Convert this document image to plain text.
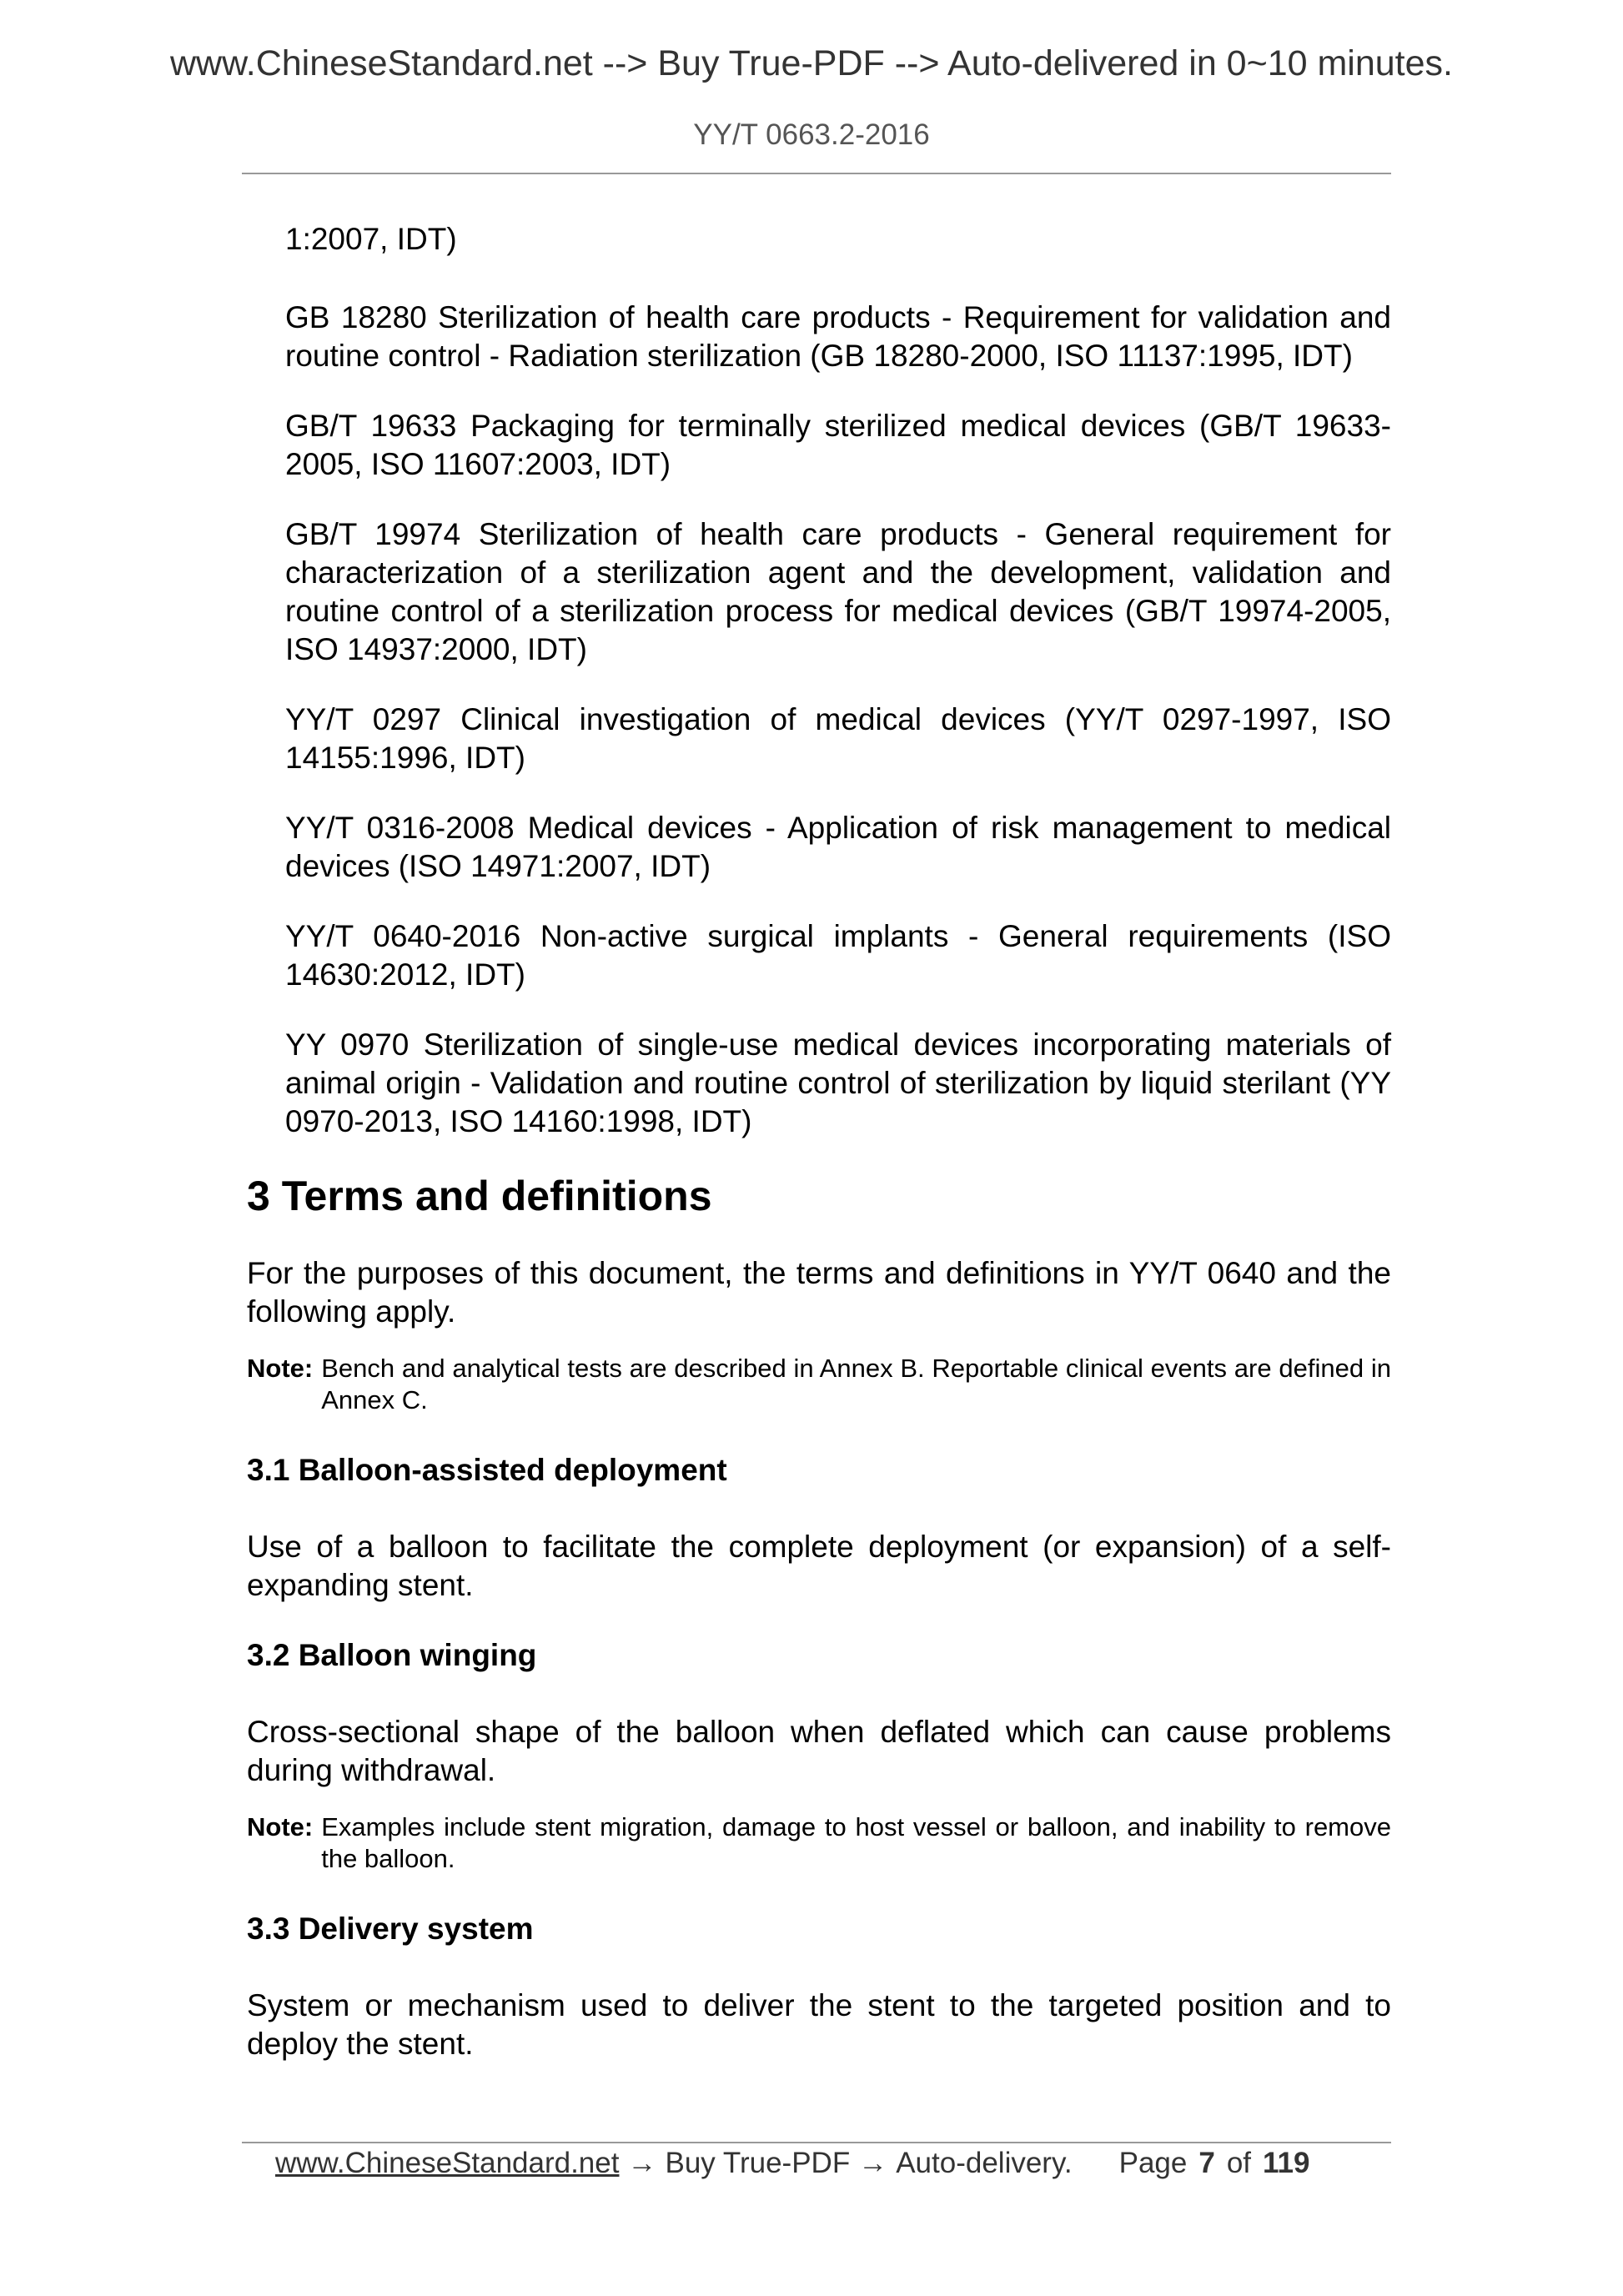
www.ChineseStandard.net --> Buy True-PDF --> Auto-delivered in 0~10 minutes.
YY/T 0663.2-2016

1:2007, IDT)

GB 18280 Sterilization of health care products - Requirement for validation and routine control - Radiation sterilization (GB 18280-2000, ISO 11137:1995, IDT)

GB/T 19633 Packaging for terminally sterilized medical devices (GB/T 19633-2005, ISO 11607:2003, IDT)

GB/T 19974 Sterilization of health care products - General requirement for characterization of a sterilization agent and the development, validation and routine control of a sterilization process for medical devices (GB/T 19974-2005, ISO 14937:2000, IDT)

YY/T 0297 Clinical investigation of medical devices (YY/T 0297-1997, ISO 14155:1996, IDT)

YY/T 0316-2008 Medical devices - Application of risk management to medical devices (ISO 14971:2007, IDT)

YY/T 0640-2016 Non-active surgical implants - General requirements (ISO 14630:2012, IDT)

YY 0970 Sterilization of single-use medical devices incorporating materials of animal origin - Validation and routine control of sterilization by liquid sterilant (YY 0970-2013, ISO 14160:1998, IDT)

3 Terms and definitions

For the purposes of this document, the terms and definitions in YY/T 0640 and the following apply.

Note: Bench and analytical tests are described in Annex B. Reportable clinical events are defined in Annex C.
3.1 Balloon-assisted deployment

Use of a balloon to facilitate the complete deployment (or expansion) of a self-expanding stent.

3.2 Balloon winging

Cross-sectional shape of the balloon when deflated which can cause problems during withdrawal.

Note: Examples include stent migration, damage to host vessel or balloon, and inability to remove the balloon.
3.3 Delivery system

System or mechanism used to deliver the stent to the targeted position and to deploy the stent.

www.ChineseStandard.net → Buy True-PDF → Auto-delivery. Page 7 of 119
